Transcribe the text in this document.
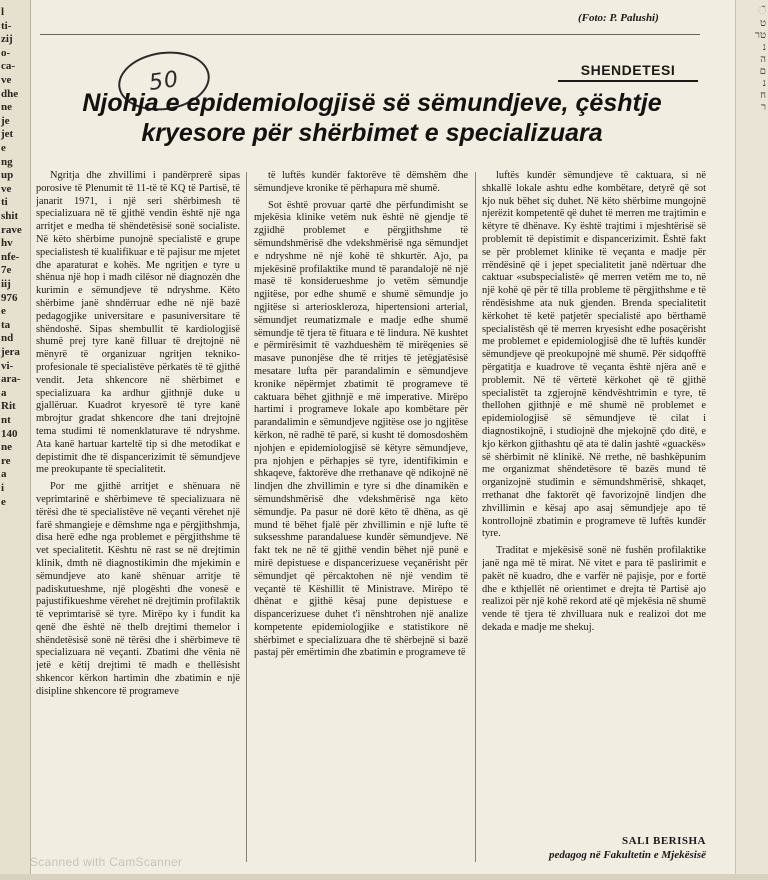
l
ti-
zij
o-
ca-
ve
dhe
ne
je
jet
e
ng
up
ve
ti
shit
rave
hv
nfe-
7e
iij
976
e
ta
nd
jera
vi-
ara-
a
Rit
nt
140
ne
re
a
i
e
ଁ
ט
טר
נ
ה
ם
נ
ח
ר
(Foto: P. Palushi)
50	SHENDETESI
Njohja e epidemiologjisë së sëmundjeve, çështje
kryesore për shërbimet e specializuara

Ngritja dhe zhvillimi i pandërprerë sipas porosive të Plenumit të 11-të të KQ të Partisë, të janarit 1971, i një seri shërbimesh të specializuara në të gjithë vendin është një nga arritjet e medha të shëndetësisë sonë socialiste. Në këto shërbime punojnë specialistë e grupe specialistesh të kualifikuar e të pajisur me mjetet dhe aparaturat e kohës. Me ngritjen e tyre u shënua një hop i madh cilësor në diagnozën dhe kurimin e sëmundjeve të ndryshme. Këto shërbime janë shndërruar edhe në një bazë pedagogjike universitare e pasuniversitare të shëndoshë. Sipas shembullit të kardiologjisë shumë prej tyre kanë filluar të drejtojnë në mënyrë të organizuar ngritjen tekniko-profesionale të specialistëve përkatës të të gjithë vendit. Jeta shkencore në shërbimet e specializuara ka ardhur gjithnjë duke u gjallëruar. Kuadrot kryesorë të tyre kanë mbrojtur gradat shkencore dhe tani drejtojnë tema studimi të nomenklaturave të ndryshme. Ata kanë hartuar karteltë tip si dhe metodikat e depistimit dhe të dispancerizimit të sëmundjeve me preokupante të specialitetit.

Por me gjithë arritjet e shënuara në veprimtarinë e shërbimeve të specializuara në tërësi dhe të specialistëve në veçanti vërehet një farë shmangieje e dëmshme nga e përgjithshmja, disa herë edhe nga problemet e përgjithshme të vet specialitetit. Kështu në rast se në drejtimin klinik, dmth në diagnostikimin dhe mjekimin e sëmundjeve ato kanë shënuar arritje të padiskutueshme, një plogështi dhe vonesë e pajustifikueshme vërehet në drejtimin profilaktik të veprimtarisë së tyre. Mirëpo ky i fundit ka qenë dhe është në thelb drejtimi themelor i shëndetësisë sonë në tërësi dhe i shërbimeve të specializuara në veçanti. Zbatimi dhe vënia në jetë e këtij drejtimi të madh e thellësisht shkencor kërkon hartimin dhe zbatimin e një disipline shkencore të programeve

të luftës kundër faktorëve të dëmshëm dhe sëmundjeve kronike të përhapura më shumë.

Sot është provuar qartë dhe përfundimisht se mjekësia klinike vetëm nuk është në gjendje të zgjidhë problemet e përgjithshme të sëmundshmërisë dhe vdekshmërisë nga sëmundjet e ndryshme në një kohë të shkurtër. Ajo, pa mjekësinë profilaktike mund të parandalojë në një masë të konsiderueshme jo vetëm sëmundje ngjitëse, por edhe shumë e shumë sëmundje jo ngjitëse si arterioskleroza, hipertensioni arterial, sëmundjet reumatizmale e madje edhe shumë sëmundje të tjera të fituara e të lindura. Në kushtet e përmirësimit të vazhdueshëm të mirëqenies së masave punonjëse dhe të rritjes të jetëgjatësisë mesatare lufta për parandalimin e sëmundjeve kronike nëpërmjet zbatimit të programeve të caktuara bëhet gjithnjë e më imperative. Mirëpo hartimi i programeve lokale apo kombëtare për parandalimin e sëmundjeve ngjitëse ose jo ngjitëse kërkon, në radhë të parë, si kusht të domosdoshëm njohjen e epidemiologjisë së këtyre sëmundjeve, pra njohjen e përhapjes së tyre, identifikimin e shkaqeve, faktorëve dhe rrethanave që ndikojnë në lindjen dhe zhvillimin e tyre si dhe dinamikën e sëmundshmërisë dhe vdekshmërisë nga këto sëmundje. Pa pasur në dorë këto të dhëna, as që mund të bëhet fjalë për zhvillimin e një lufte të suksesshme parandaluese kundër sëmundjeve. Në fakt tek ne në të gjithë vendin bëhet një punë e mirë depistuese e dispancerizuese veçanërisht për sëmundjet që përcaktohen në një vendim të veçantë të Këshillit të Ministrave. Mirëpo të dhënat e gjithë kësaj pune depistuese e dispancerizuese duhet t'i nënshtrohen një analize kompetente epidemiologjike e statistikore në shërbimet e specializuara dhe të shërbejnë si bazë pastaj për emërtimin dhe zbatimin e programeve të

luftës kundër sëmundjeve të caktuara, si në shkallë lokale ashtu edhe kombëtare, detyrë që sot kjo nuk bëhet siç duhet. Në këto shërbime mungojnë njerëzit kompetentë që duhet të merren me trajtimin e këtyre të dhënave. Ky është trajtimi i mjeshtërisë së problemit të depistimit e dispancerizimit. Është fakt se për problemet klinike të veçanta e madje për rrëndësinë që i jepet specialitetit janë ndërtuar dhe caktuar «subspecialistë» që merren vetëm me to, në një kohë që për të tilla probleme të përgjithshme e të rëndësishme ata nuk gjenden. Brenda specialitetit kërkohet të ketë patjetër specialistë apo bërthamë specialistësh që të merren kryesisht edhe posaçërisht me problemet e epidemiologjisë dhe të luftës kundër sëmundjeve që preokupojnë më shumë. Për sidqofftë përgatitja e kuadrove të veçanta është njëra anë e problemit. Në të vërtetë kërkohet që të gjithë specialistët ta zgjerojnë këndvështrimin e tyre, të thellohen gjithnjë e më shumë në problemet e epidemiologjisë së sëmundjeve të cilat i diagnostikojnë, i studiojnë dhe mjekojnë çdo ditë, e kjo kërkon gjithashtu që ata të dalin jashtë «guackës» së shërbimit në klinikë. Në rrethe, në bashkëpunim me organizmat shëndetësore të bazës mund të organizojnë studimin e sëmundshmërisë, shkaqet, rrethanat dhe faktorët që favorizojnë lindjen dhe zhvillimin e kësaj apo asaj sëmundjeje apo të kontrollojnë zbatimin e programeve të luftës kundër tyre.

Traditat e mjekësisë sonë në fushën profilaktike janë nga më të mirat. Në vitet e para të paslirimit e pakët në kuadro, dhe e varfër në pajisje, por e fortë dhe e kthjellët në orientimet e drejta të Partisë ajo realizoi për një kohë rekord atë që mjekësia në shumë vende të tjera të zhvilluara nuk e realizoi dot me dekada e madje me shekuj.

SALI BERISHA
pedagog në Fakultetin e Mjekësisë
Scanned with CamScanner
